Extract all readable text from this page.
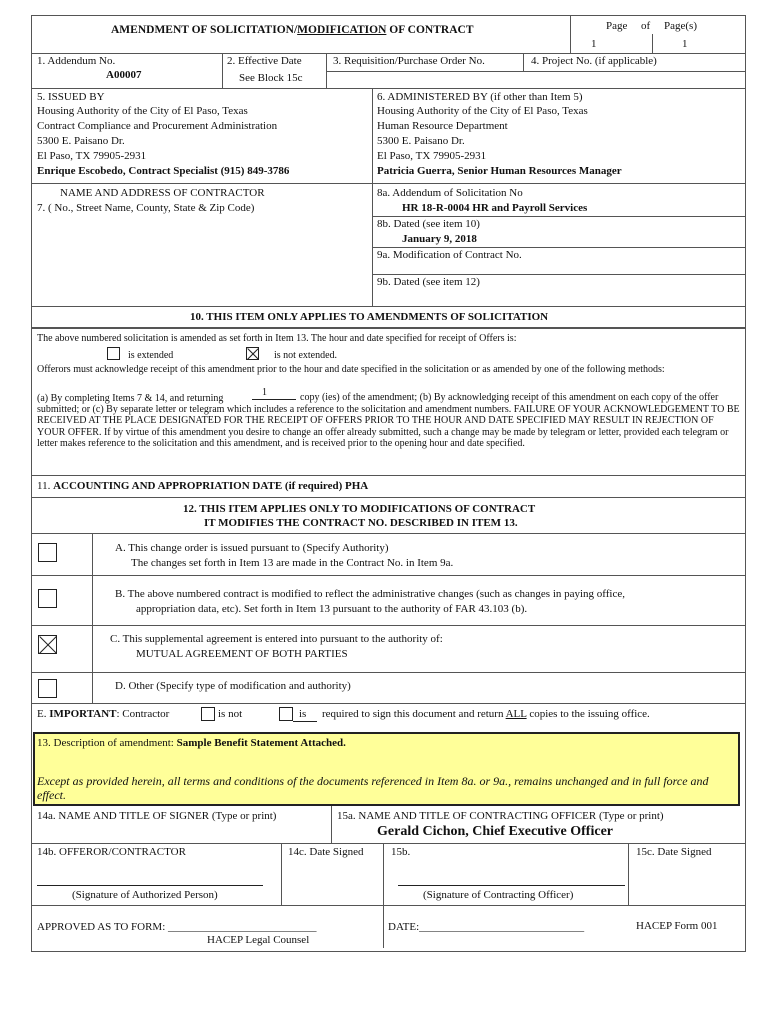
AMENDMENT OF SOLICITATION/MODIFICATION OF CONTRACT	Page of Page(s)
1	1
1. Addendum No.
A00007
2. Effective Date
See Block 15c
3. Requisition/Purchase Order No.	4. Project No. (if applicable)
5. ISSUED BY
Housing Authority of the City of El Paso, Texas
Contract Compliance and Procurement Administration
5300 E. Paisano Dr.
El Paso, TX 79905-2931
Enrique Escobedo, Contract Specialist (915) 849-3786
6. ADMINISTERED BY (if other than Item 5)
Housing Authority of the City of El Paso, Texas
Human Resource Department
5300 E. Paisano Dr.
El Paso, TX 79905-2931
Patricia Guerra, Senior Human Resources Manager
NAME AND ADDRESS OF CONTRACTOR
7. ( No., Street Name, County, State & Zip Code)
8a. Addendum of Solicitation No
HR 18-R-0004 HR and Payroll Services
8b. Dated (see item 10)
January 9, 2018
9a. Modification of Contract No.
9b. Dated (see item 12)
10. THIS ITEM ONLY APPLIES TO AMENDMENTS OF SOLICITATION
The above numbered solicitation is amended as set forth in Item 13. The hour and date specified for receipt of Offers is:
is extended	is not extended.
Offerors must acknowledge receipt of this amendment prior to the hour and date specified in the solicitation or as amended by one of the following methods:
(a) By completing Items 7 & 14, and returning
1	copy (ies) of the amendment; (b) By acknowledging receipt of this amendment on each copy of the offer submitted; or (c) By separate letter or telegram which includes a reference to the solicitation and amendment numbers. FAILURE OF YOUR ACKNOWLEDGEMENT TO BE RECEIVED AT THE PLACE DESIGNATED FOR THE RECEIPT OF OFFERS PRIOR TO THE HOUR AND DATE SPECIFIED MAY RESULT IN REJECTION OF YOUR OFFER. If by virtue of this amendment you desire to change an offer already submitted, such a change may be made by telegram or letter, provided each telegram or letter makes reference to the solicitation and this amendment, and is received prior to the opening hour and date specified.
11. ACCOUNTING AND APPROPRIATION DATE (if required) PHA
12. THIS ITEM APPLIES ONLY TO MODIFICATIONS OF CONTRACT
IT MODIFIES THE CONTRACT NO. DESCRIBED IN ITEM 13.
A. This change order is issued pursuant to (Specify Authority)
The changes set forth in Item 13 are made in the Contract No. in Item 9a.
B. The above numbered contract is modified to reflect the administrative changes (such as changes in paying office,
appropriation data, etc). Set forth in Item 13 pursuant to the authority of FAR 43.103 (b).
C. This supplemental agreement is entered into pursuant to the authority of:
MUTUAL AGREEMENT OF BOTH PARTIES
D. Other (Specify type of modification and authority)
E. IMPORTANT: Contractor	is not	is required to sign this document and return ALL copies to the issuing office.
13. Description of amendment: Sample Benefit Statement Attached.
Except as provided herein, all terms and conditions of the documents referenced in Item 8a. or 9a., remains unchanged and in full force and effect.
14a. NAME AND TITLE OF SIGNER (Type or print)	15a. NAME AND TITLE OF CONTRACTING OFFICER (Type or print)
Gerald Cichon, Chief Executive Officer
14b. OFFEROR/CONTRACTOR	14c. Date Signed	15b.	15c. Date Signed
(Signature of Authorized Person)	(Signature of Contracting Officer)
APPROVED AS TO FORM: ___________________________
HACEP Legal Counsel
DATE:______________________________	HACEP Form 001
